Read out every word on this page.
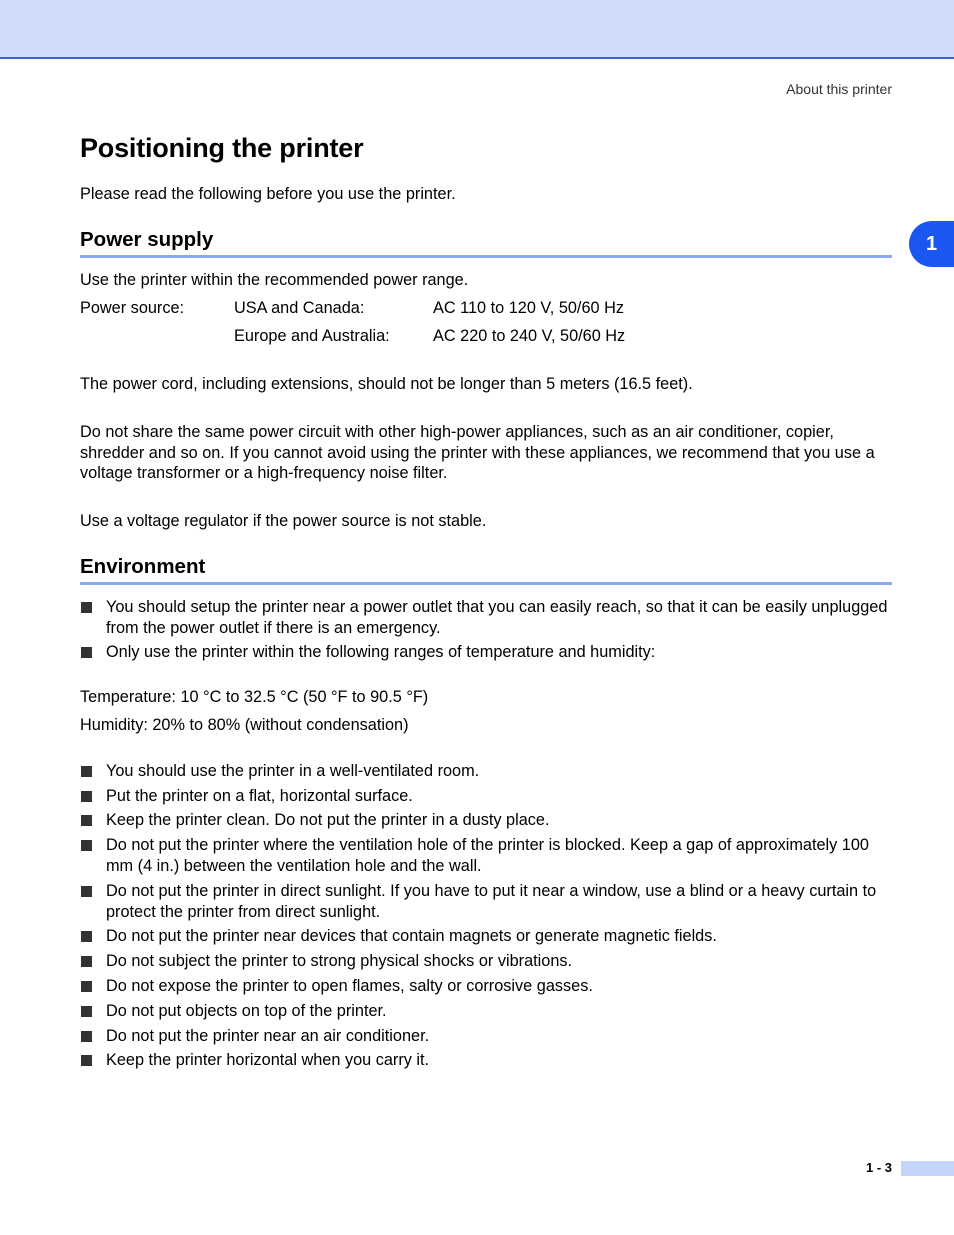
About this printer
1
Positioning the printer

Please read the following before you use the printer.

Power supply

Use the printer within the recommended power range.

Power source:	USA and Canada:	AC 110 to 120 V, 50/60 Hz
Europe and Australia:	AC 220 to 240 V, 50/60 Hz

The power cord, including extensions, should not be longer than 5 meters (16.5 feet).

Do not share the same power circuit with other high-power appliances, such as an air conditioner, copier, shredder and so on. If you cannot avoid using the printer with these appliances, we recommend that you use a voltage transformer or a high-frequency noise filter.

Use a voltage regulator if the power source is not stable.

Environment
You should setup the printer near a power outlet that you can easily reach, so that it can be easily unplugged from the power outlet if there is an emergency.
Only use the printer within the following ranges of temperature and humidity:

Temperature: 10 °C to 32.5 °C (50 °F to 90.5 °F)

Humidity: 20% to 80% (without condensation)

You should use the printer in a well-ventilated room.
Put the printer on a flat, horizontal surface.
Keep the printer clean. Do not put the printer in a dusty place.
Do not put the printer where the ventilation hole of the printer is blocked. Keep a gap of approximately 100 mm (4 in.) between the ventilation hole and the wall.
Do not put the printer in direct sunlight. If you have to put it near a window, use a blind or a heavy curtain to protect the printer from direct sunlight.
Do not put the printer near devices that contain magnets or generate magnetic fields.
Do not subject the printer to strong physical shocks or vibrations.
Do not expose the printer to open flames, salty or corrosive gasses.
Do not put objects on top of the printer.
Do not put the printer near an air conditioner.
Keep the printer horizontal when you carry it.
1 - 3
